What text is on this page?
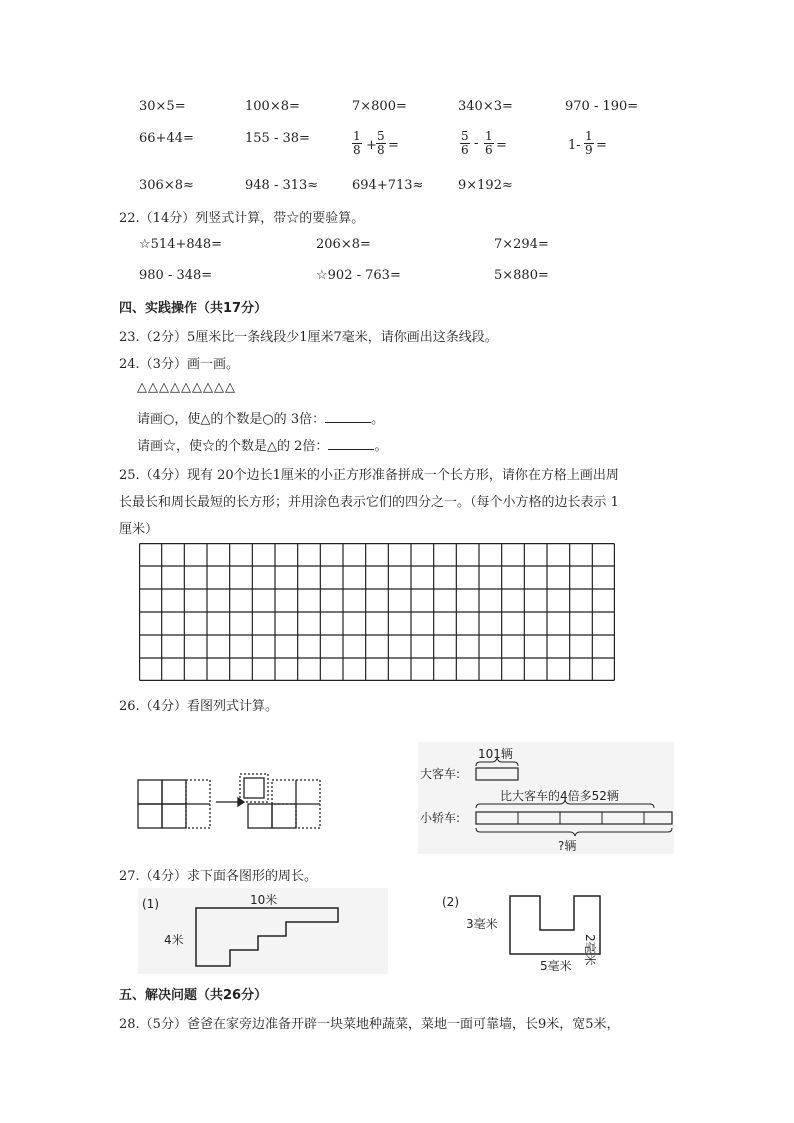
30×5=	100×8=	7×800=	340×3=	970 - 190=
66+44=	155 - 38=	$\frac{1}{8} + \frac{5}{8}$ =	$\frac{5}{6} - \frac{1}{6}$ =	$1- \frac{1}{9}$ =
306×8≈	948 - 313≈	694+713≈	9×192≈
22.（14分）列竖式计算，带☆的要验算。
☆514+848=	206×8=	7×294=
980 - 348=	☆902 - 763=	5×880=
四、实践操作（共17分）
23.（2分）5厘米比一条线段少1厘米7毫米，请你画出这条线段。
24.（3分）画一画。
△△△△△△△△△
请画○，使△的个数是○的 3倍：	。
请画☆，使☆的个数是△的 2倍：	。
25.（4分）现有 20个边长1厘米的小正方形准备拼成一个长方形，请你在方格上画出周
长最长和周长最短的长方形；并用涂色表示它们的四分之一。（每个小方格的边长表示 1
厘米）
26.（4分）看图列式计算。
101辆
大客车:
比大客车的4倍多52辆
小轿车:
?辆
27.（4分）求下面各图形的周长。
(1)	10米
4米
(2)
3毫米
2毫米
5毫米
五、解决问题（共26分）
28.（5分）爸爸在家旁边准备开辟一块菜地种蔬菜，菜地一面可靠墙，长9米，宽5米，
